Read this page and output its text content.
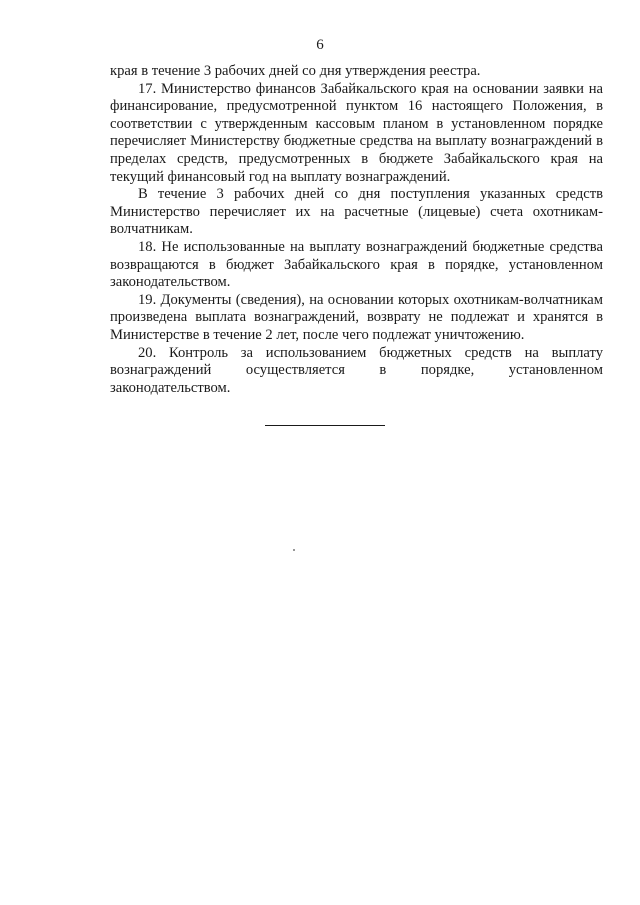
6

края в течение 3 рабочих дней со дня утверждения реестра.

17. Министерство финансов Забайкальского края на основании заявки на финансирование, предусмотренной пунктом 16 настоящего Положения, в соответствии с утвержденным кассовым планом в установленном порядке перечисляет Министерству бюджетные средства на выплату вознаграждений в пределах средств, предусмотренных в бюджете Забайкальского края на текущий финансовый год на выплату вознаграждений.

В течение 3 рабочих дней со дня поступления указанных средств Министерство перечисляет их на расчетные (лицевые) счета охотникам-волчатникам.

18. Не использованные на выплату вознаграждений бюджетные средства возвращаются в бюджет Забайкальского края в порядке, установленном законодательством.

19. Документы (сведения), на основании которых охотникам-волчатникам произведена выплата вознаграждений, возврату не подлежат и хранятся в Министерстве в течение 2 лет, после чего подлежат уничтожению.

20. Контроль за использованием бюджетных средств на выплату вознаграждений осуществляется в порядке, установленном законодательством.
